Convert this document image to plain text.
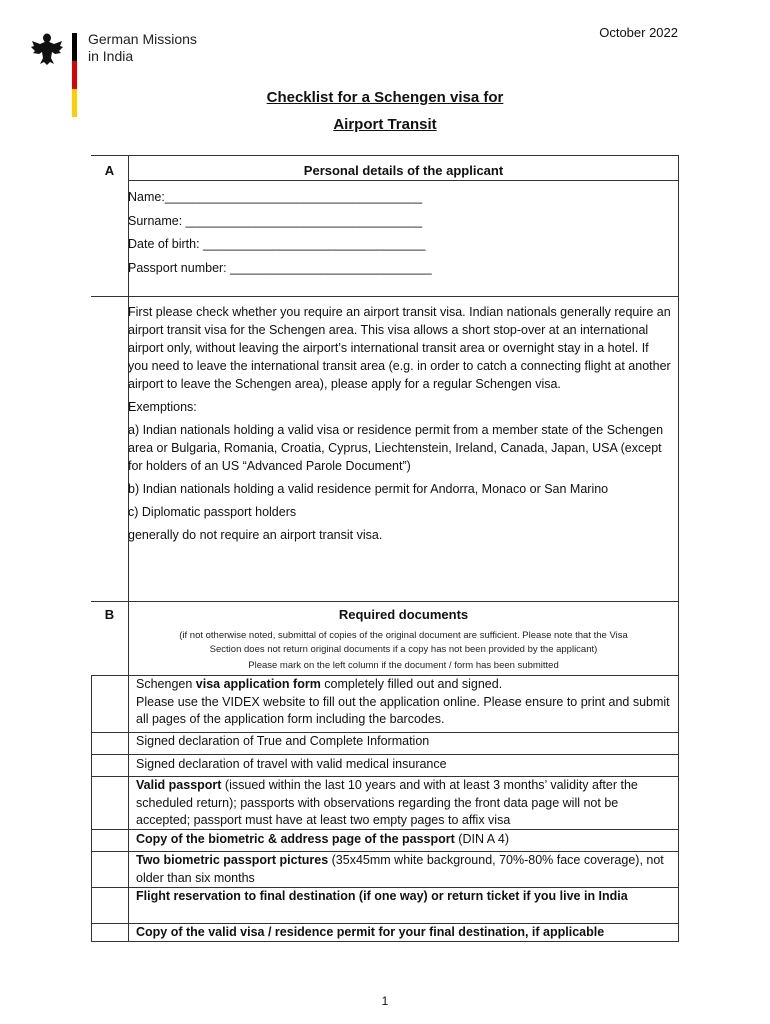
October 2022
German Missions
in India
Checklist for a Schengen visa for
Airport Transit
A	Personal details of the applicant
Name:_____________________________________
Surname: __________________________________
Date of birth: ________________________________
Passport number: _____________________________

First please check whether you require an airport transit visa. Indian nationals generally require an airport transit visa for the Schengen area. This visa allows a short stop-over at an international airport only, without leaving the airport’s international transit area or overnight stay in a hotel. If you need to leave the international transit area (e.g. in order to catch a connecting flight at another airport to leave the Schengen area), please apply for a regular Schengen visa.

Exemptions:

a) Indian nationals holding a valid visa or residence permit from a member state of the Schengen area or Bulgaria, Romania, Croatia, Cyprus, Liechtenstein, Ireland, Canada, Japan, USA (except for holders of an US “Advanced Parole Document”)

b) Indian nationals holding a valid residence permit for Andorra, Monaco or San Marino

c) Diplomatic passport holders

generally do not require an airport transit visa.

B	Required documents
(if not otherwise noted, submittal of copies of the original document are sufficient. Please note that the Visa
Section does not return original documents if a copy has not been provided by the applicant)
Please mark on the left column if the document / form has been submitted
Schengen visa application form completely filled out and signed.
Please use the VIDEX website to fill out the application online. Please ensure to print and submit all pages of the application form including the barcodes.
Signed declaration of True and Complete Information
Signed declaration of travel with valid medical insurance
Valid passport (issued within the last 10 years and with at least 3 months’ validity after the scheduled return); passports with observations regarding the front data page will not be accepted; passport must have at least two empty pages to affix visa
Copy of the biometric & address page of the passport (DIN A 4)
Two biometric passport pictures (35x45mm white background, 70%-80% face coverage), not older than six months
Flight reservation to final destination (if one way) or return ticket if you live in India
Copy of the valid visa / residence permit for your final destination, if applicable
1
